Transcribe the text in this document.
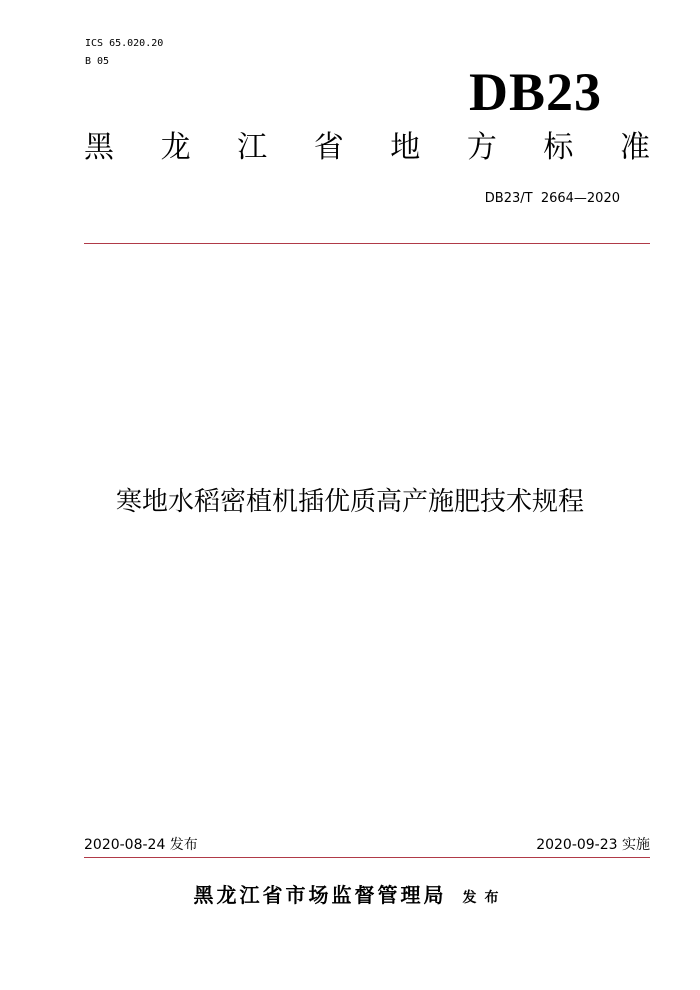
ICS 65.020.20
B 05
DB23
黑 龙 江 省 地 方 标 准
DB23/T  2664—2020
寒地水稻密植机插优质高产施肥技术规程
2020-08-24 发布	2020-09-23 实施
黑龙江省市场监督管理局 发布
